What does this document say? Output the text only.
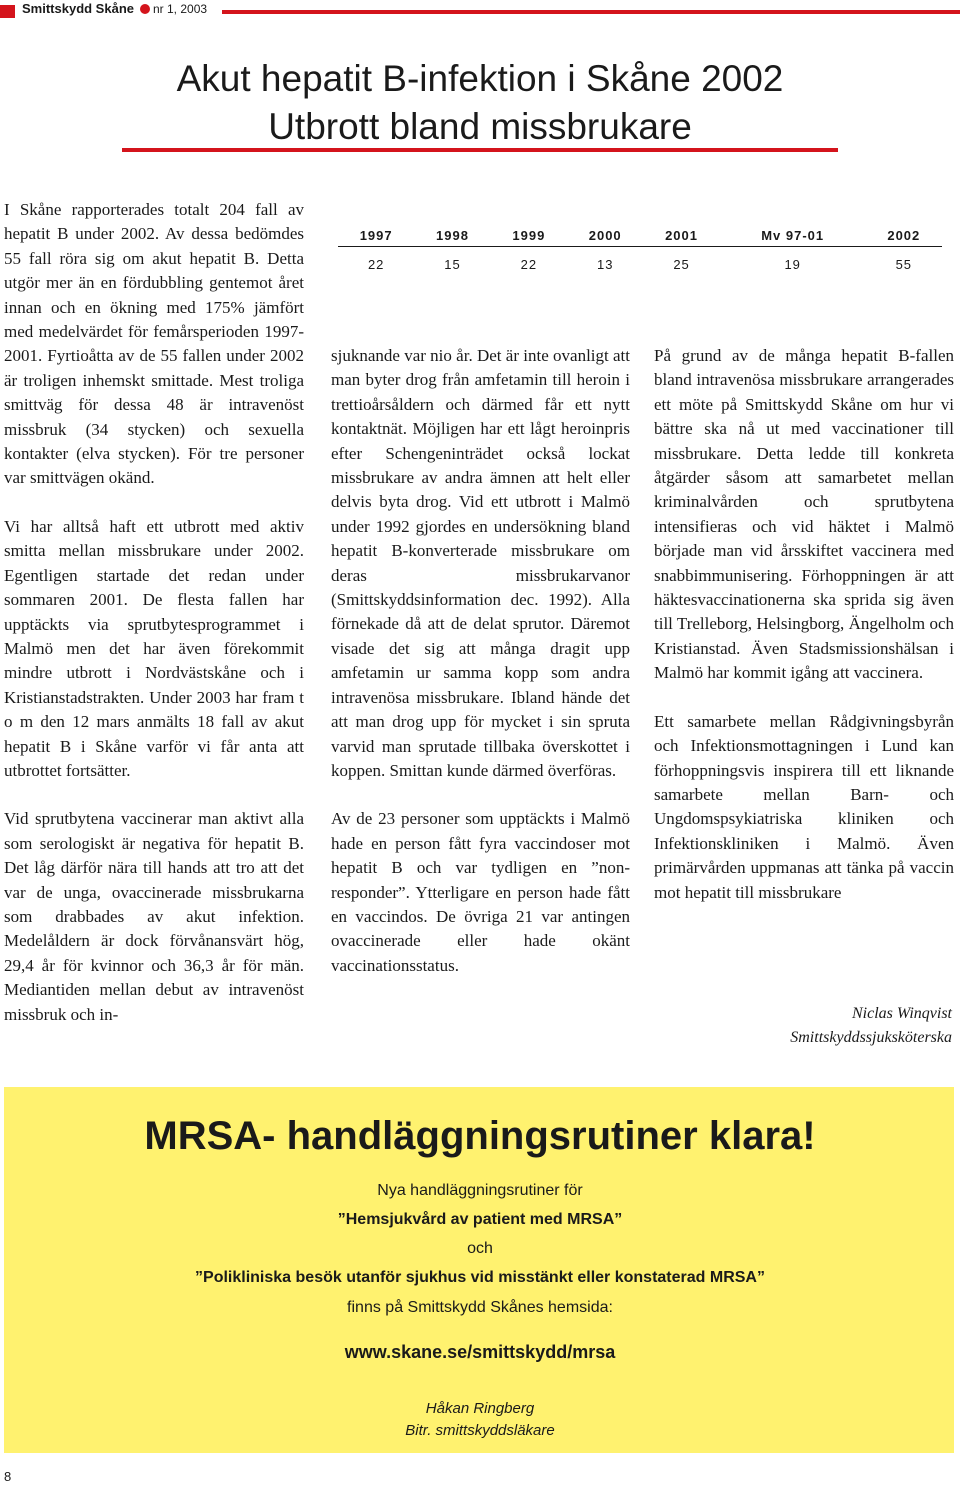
Smittskydd Skåne nr 1, 2003
Akut hepatit B-infektion i Skåne 2002
Utbrott bland missbrukare

I Skåne rapporterades totalt 204 fall av hepatit B under 2002. Av dessa bedömdes 55 fall röra sig om akut hepatit B. Detta utgör mer än en fördubbling gentemot året innan och en ökning med 175% jämfört med medelvärdet för femårsperioden 1997-2001. Fyrtioåtta av de 55 fallen under 2002 är troligen inhemskt smittade. Mest troliga smittväg för dessa 48 är intravenöst missbruk (34 stycken) och sexuella kontakter (elva stycken). För tre personer var smittvägen okänd.

Vi har alltså haft ett utbrott med aktiv smitta mellan missbrukare under 2002. Egentligen startade det redan under sommaren 2001. De flesta fallen har upptäckts via sprutbytesprogrammet i Malmö men det har även förekommit mindre utbrott i Nordvästskåne och i Kristianstadstrakten. Under 2003 har fram t o m den 12 mars anmälts 18 fall av akut hepatit B i Skåne varför vi får anta att utbrottet fortsätter.

Vid sprutbytena vaccinerar man aktivt alla som serologiskt är negativa för hepatit B. Det låg därför nära till hands att tro att det var de unga, ovaccinerade missbrukarna som drabbades av akut infektion. Medelåldern är dock förvånansvärt hög, 29,4 år för kvinnor och 36,3 år för män. Mediantiden mellan debut av intravenöst missbruk och in-

1997	1998	1999	2000	2001	Mv 97-01	2002
22	15	22	13	25	19	55

sjuknande var nio år. Det är inte ovanligt att man byter drog från amfetamin till heroin i trettioårsåldern och därmed får ett nytt kontaktnät. Möjligen har ett lågt heroinpris efter Schengeninträdet också lockat missbrukare av andra ämnen att helt eller delvis byta drog. Vid ett utbrott i Malmö under 1992 gjordes en undersökning bland hepatit B-konverterade missbrukare om deras missbrukarvanor (Smittskyddsinformation dec. 1992). Alla förnekade då att de delat sprutor. Däremot visade det sig att många dragit upp amfetamin ur samma kopp som andra intravenösa missbrukare. Ibland hände det att man drog upp för mycket i sin spruta varvid man sprutade tillbaka överskottet i koppen. Smittan kunde därmed överföras.

Av de 23 personer som upptäckts i Malmö hade en person fått fyra vaccindoser mot hepatit B och var tydligen en ”non-responder”. Ytterligare en person hade fått en vaccindos. De övriga 21 var antingen ovaccinerade eller hade okänt vaccinationsstatus.

På grund av de många hepatit B-fallen bland intravenösa missbrukare arrangerades ett möte på Smittskydd Skåne om hur vi bättre ska nå ut med vaccinationer till missbrukare. Detta ledde till konkreta åtgärder såsom att samarbetet mellan kriminalvården och sprutbytena intensifieras och vid häktet i Malmö började man vid årsskiftet vaccinera med snabbimmunisering. Förhoppningen är att häktesvaccinationerna ska sprida sig även till Trelleborg, Helsingborg, Ängelholm och Kristianstad. Även Stadsmissionshälsan i Malmö har kommit igång att vaccinera.

Ett samarbete mellan Rådgivningsbyrån och Infektionsmottagningen i Lund kan förhoppningsvis inspirera till ett liknande samarbete mellan Barn- och Ungdomspsykiatriska kliniken och Infektionskliniken i Malmö. Även primärvården uppmanas att tänka på vaccin mot hepatit till missbrukare

Niclas Winqvist
Smittskyddssjuksköterska
MRSA- handläggningsrutiner klara!
Nya handläggningsrutiner för
”Hemsjukvård av patient med MRSA”
och
”Polikliniska besök utanför sjukhus vid misstänkt eller konstaterad MRSA”
finns på Smittskydd Skånes hemsida:
www.skane.se/smittskydd/mrsa
Håkan Ringberg
Bitr. smittskyddsläkare
8
